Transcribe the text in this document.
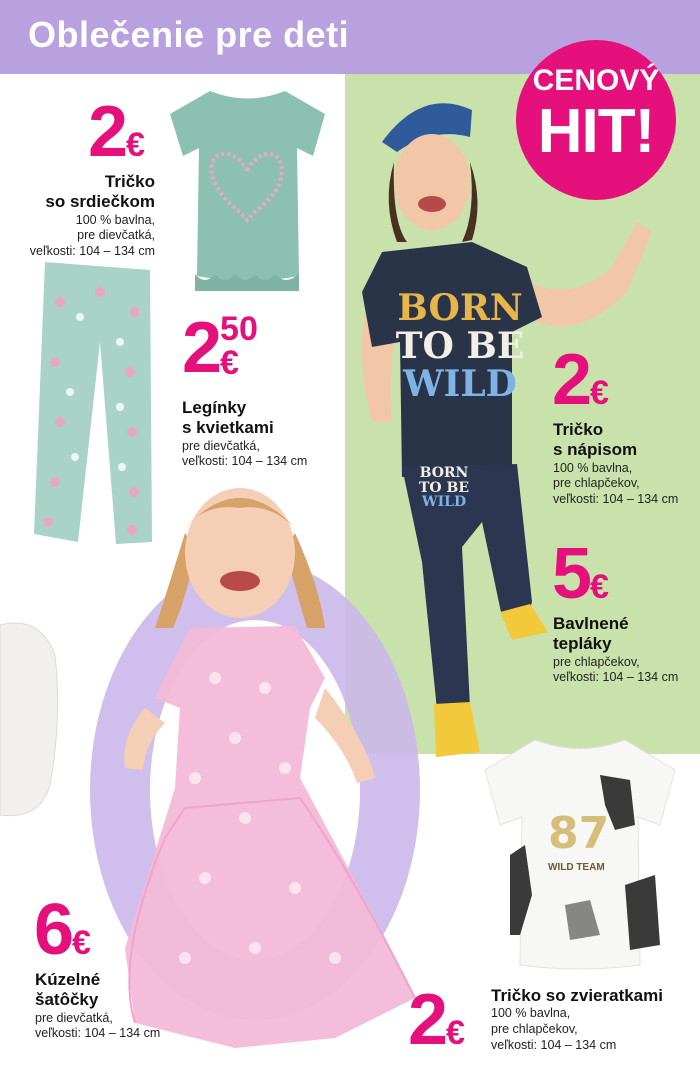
Oblečenie pre deti
BORN
TO BE
WILD
BORN
TO BE
WILD
87
WILD TEAM
CENOVÝ
HIT!
2€
Tričko
so srdiečkom
100 % bavlna,
pre dievčatká,
veľkosti: 104 – 134 cm
2 50
€
Legínky
s kvietkami
pre dievčatká,
veľkosti: 104 – 134 cm
2€
Tričko
s nápisom
100 % bavlna,
pre chlapčekov,
veľkosti: 104 – 134 cm
5€
Bavlnené
tepláky
pre chlapčekov,
veľkosti: 104 – 134 cm
6€
Kúzelné
šatôčky
pre dievčatká,
veľkosti: 104 – 134 cm	2€
Tričko so zvieratkami
100 % bavlna,
pre chlapčekov,
veľkosti: 104 – 134 cm
